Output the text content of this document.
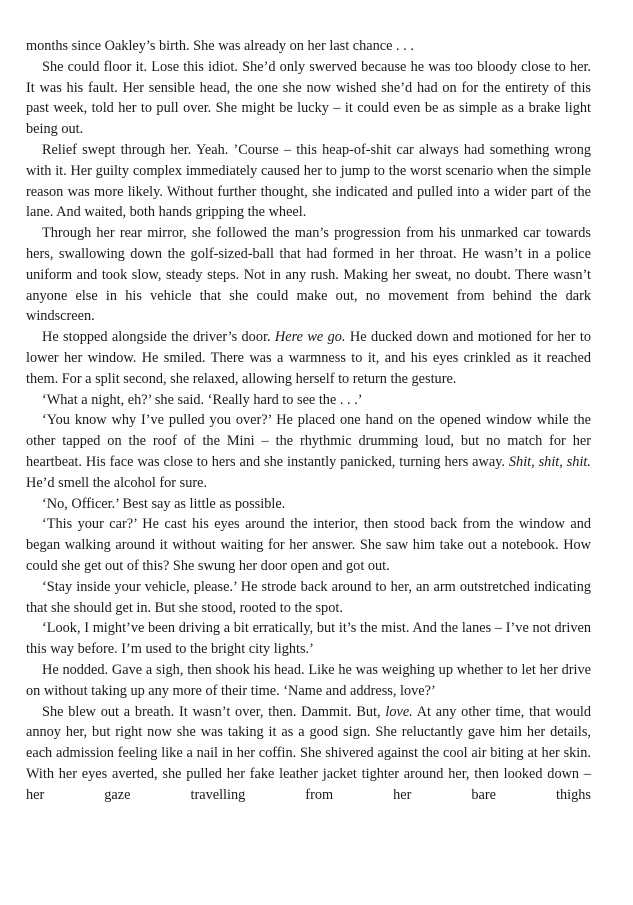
months since Oakley’s birth. She was already on her last chance . . .

She could floor it. Lose this idiot. She’d only swerved because he was too bloody close to her. It was his fault. Her sensible head, the one she now wished she’d had on for the entirety of this past week, told her to pull over. She might be lucky – it could even be as simple as a brake light being out.

Relief swept through her. Yeah. ’Course – this heap-of-shit car always had something wrong with it. Her guilty complex immediately caused her to jump to the worst scenario when the simple reason was more likely. Without further thought, she indicated and pulled into a wider part of the lane. And waited, both hands gripping the wheel.

Through her rear mirror, she followed the man’s progression from his unmarked car towards hers, swallowing down the golf-sized-ball that had formed in her throat. He wasn’t in a police uniform and took slow, steady steps. Not in any rush. Making her sweat, no doubt. There wasn’t anyone else in his vehicle that she could make out, no movement from behind the dark windscreen.

He stopped alongside the driver’s door. Here we go. He ducked down and motioned for her to lower her window. He smiled. There was a warmness to it, and his eyes crinkled as it reached them. For a split second, she relaxed, allowing herself to return the gesture.

‘What a night, eh?’ she said. ‘Really hard to see the . . .’

‘You know why I’ve pulled you over?’ He placed one hand on the opened window while the other tapped on the roof of the Mini – the rhythmic drumming loud, but no match for her heartbeat. His face was close to hers and she instantly panicked, turning hers away. Shit, shit, shit. He’d smell the alcohol for sure.

‘No, Officer.’ Best say as little as possible.

‘This your car?’ He cast his eyes around the interior, then stood back from the window and began walking around it without waiting for her answer. She saw him take out a notebook. How could she get out of this? She swung her door open and got out.

‘Stay inside your vehicle, please.’ He strode back around to her, an arm outstretched indicating that she should get in. But she stood, rooted to the spot.

‘Look, I might’ve been driving a bit erratically, but it’s the mist. And the lanes – I’ve not driven this way before. I’m used to the bright city lights.’

He nodded. Gave a sigh, then shook his head. Like he was weighing up whether to let her drive on without taking up any more of their time. ‘Name and address, love?’

She blew out a breath. It wasn’t over, then. Dammit. But, love. At any other time, that would annoy her, but right now she was taking it as a good sign. She reluctantly gave him her details, each admission feeling like a nail in her coffin. She shivered against the cool air biting at her skin. With her eyes averted, she pulled her fake leather jacket tighter around her, then looked down – her gaze travelling from her bare thighs
